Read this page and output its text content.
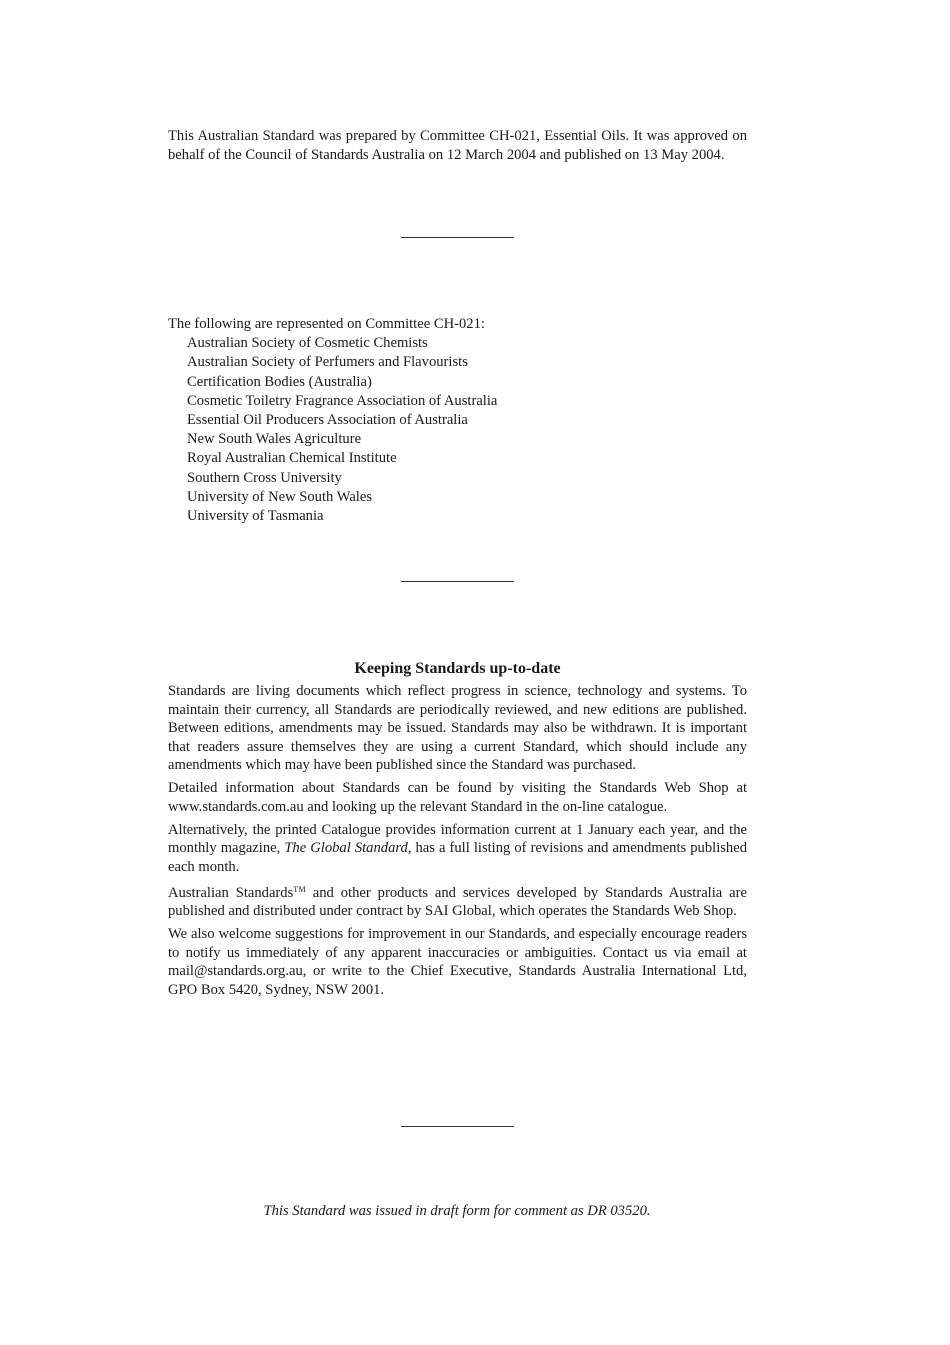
This Australian Standard was prepared by Committee CH-021, Essential Oils. It was approved on behalf of the Council of Standards Australia on 12 March 2004 and published on 13 May 2004.

The following are represented on Committee CH-021:

Australian Society of Cosmetic Chemists
Australian Society of Perfumers and Flavourists
Certification Bodies (Australia)
Cosmetic Toiletry Fragrance Association of Australia
Essential Oil Producers Association of Australia
New South Wales Agriculture
Royal Australian Chemical Institute
Southern Cross University
University of New South Wales
University of Tasmania
Keeping Standards up-to-date

Standards are living documents which reflect progress in science, technology and systems. To maintain their currency, all Standards are periodically reviewed, and new editions are published. Between editions, amendments may be issued. Standards may also be withdrawn. It is important that readers assure themselves they are using a current Standard, which should include any amendments which may have been published since the Standard was purchased.

Detailed information about Standards can be found by visiting the Standards Web Shop at www.standards.com.au and looking up the relevant Standard in the on-line catalogue.

Alternatively, the printed Catalogue provides information current at 1 January each year, and the monthly magazine, The Global Standard, has a full listing of revisions and amendments published each month.

Australian Standards™ and other products and services developed by Standards Australia are published and distributed under contract by SAI Global, which operates the Standards Web Shop.

We also welcome suggestions for improvement in our Standards, and especially encourage readers to notify us immediately of any apparent inaccuracies or ambiguities. Contact us via email at mail@standards.org.au, or write to the Chief Executive, Standards Australia International Ltd, GPO Box 5420, Sydney, NSW 2001.

This Standard was issued in draft form for comment as DR 03520.
